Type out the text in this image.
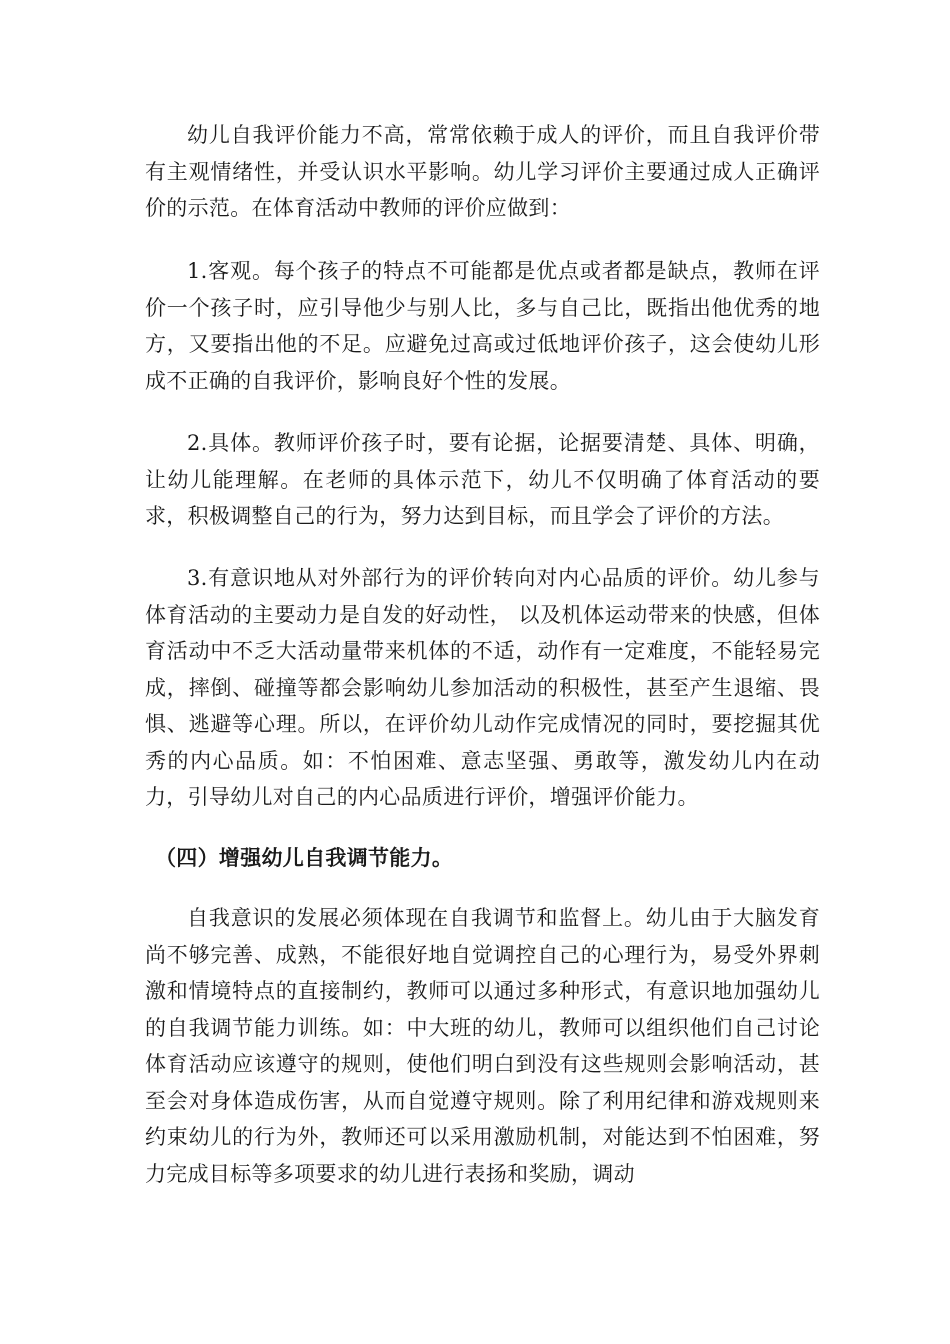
幼儿自我评价能力不高，常常依赖于成人的评价，而且自我评价带有主观情绪性，并受认识水平影响。幼儿学习评价主要通过成人正确评价的示范。在体育活动中教师的评价应做到：

1.客观。每个孩子的特点不可能都是优点或者都是缺点，教师在评价一个孩子时，应引导他少与别人比，多与自己比，既指出他优秀的地方，又要指出他的不足。应避免过高或过低地评价孩子，这会使幼儿形成不正确的自我评价，影响良好个性的发展。

2.具体。教师评价孩子时，要有论据，论据要清楚、具体、明确，让幼儿能理解。在老师的具体示范下，幼儿不仅明确了体育活动的要求，积极调整自己的行为，努力达到目标，而且学会了评价的方法。

3.有意识地从对外部行为的评价转向对内心品质的评价。幼儿参与体育活动的主要动力是自发的好动性， 以及机体运动带来的快感，但体育活动中不乏大活动量带来机体的不适，动作有一定难度，不能轻易完成，摔倒、碰撞等都会影响幼儿参加活动的积极性，甚至产生退缩、畏惧、逃避等心理。所以，在评价幼儿动作完成情况的同时，要挖掘其优秀的内心品质。如：不怕困难、意志坚强、勇敢等，激发幼儿内在动力，引导幼儿对自己的内心品质进行评价，增强评价能力。

（四）增强幼儿自我调节能力。

自我意识的发展必须体现在自我调节和监督上。幼儿由于大脑发育尚不够完善、成熟，不能很好地自觉调控自己的心理行为，易受外界刺激和情境特点的直接制约，教师可以通过多种形式，有意识地加强幼儿的自我调节能力训练。如：中大班的幼儿，教师可以组织他们自己讨论体育活动应该遵守的规则，使他们明白到没有这些规则会影响活动，甚至会对身体造成伤害，从而自觉遵守规则。除了利用纪律和游戏规则来约束幼儿的行为外，教师还可以采用激励机制，对能达到不怕困难，努力完成目标等多项要求的幼儿进行表扬和奖励，调动
